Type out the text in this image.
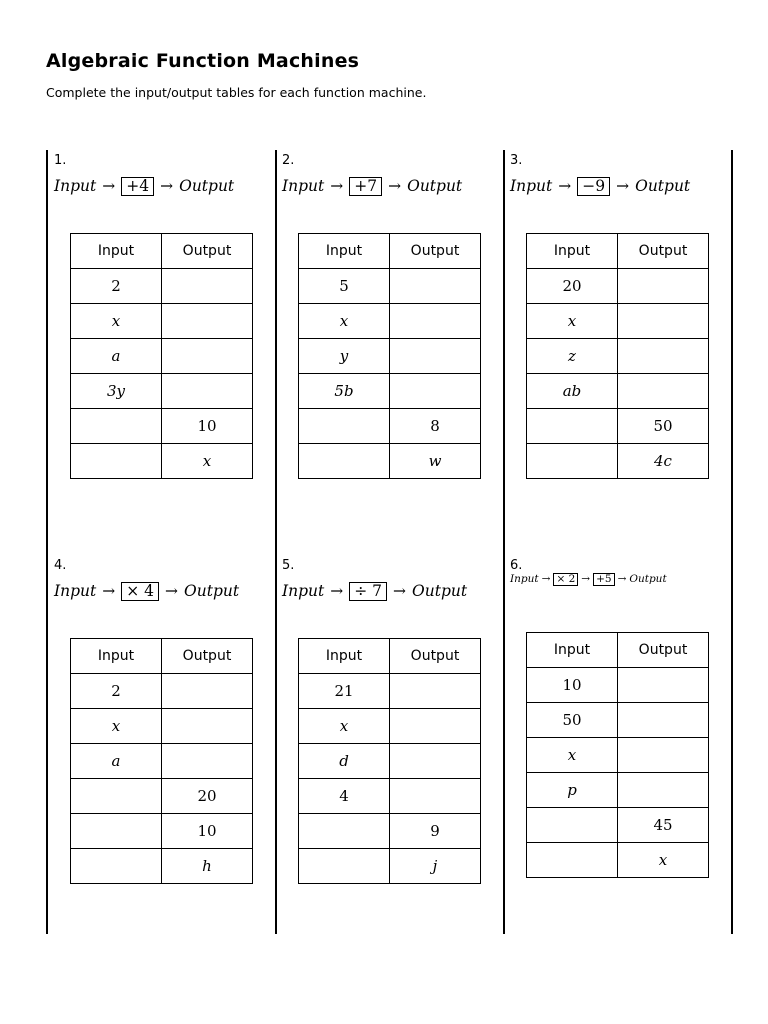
Algebraic Function Machines
Complete the input/output tables for each function machine.
1.
Input → +4 → Output
Input	Output
2	
x	
a	
3y	
	10
	x
2.
Input → +7 → Output
Input	Output
5	
x	
y	
5b	
	8
	w
3.
Input → −9 → Output
Input	Output
20	
x	
z	
ab	
	50
	4c
4.
Input → × 4 → Output
Input	Output
2	
x	
a	
	20
	10
	h
5.
Input → ÷ 7 → Output
Input	Output
21	
x	
d	
4	
	9
	j
6.
Input → × 2 → +5 → Output
Input	Output
10	
50	
x	
p	
	45
	x
